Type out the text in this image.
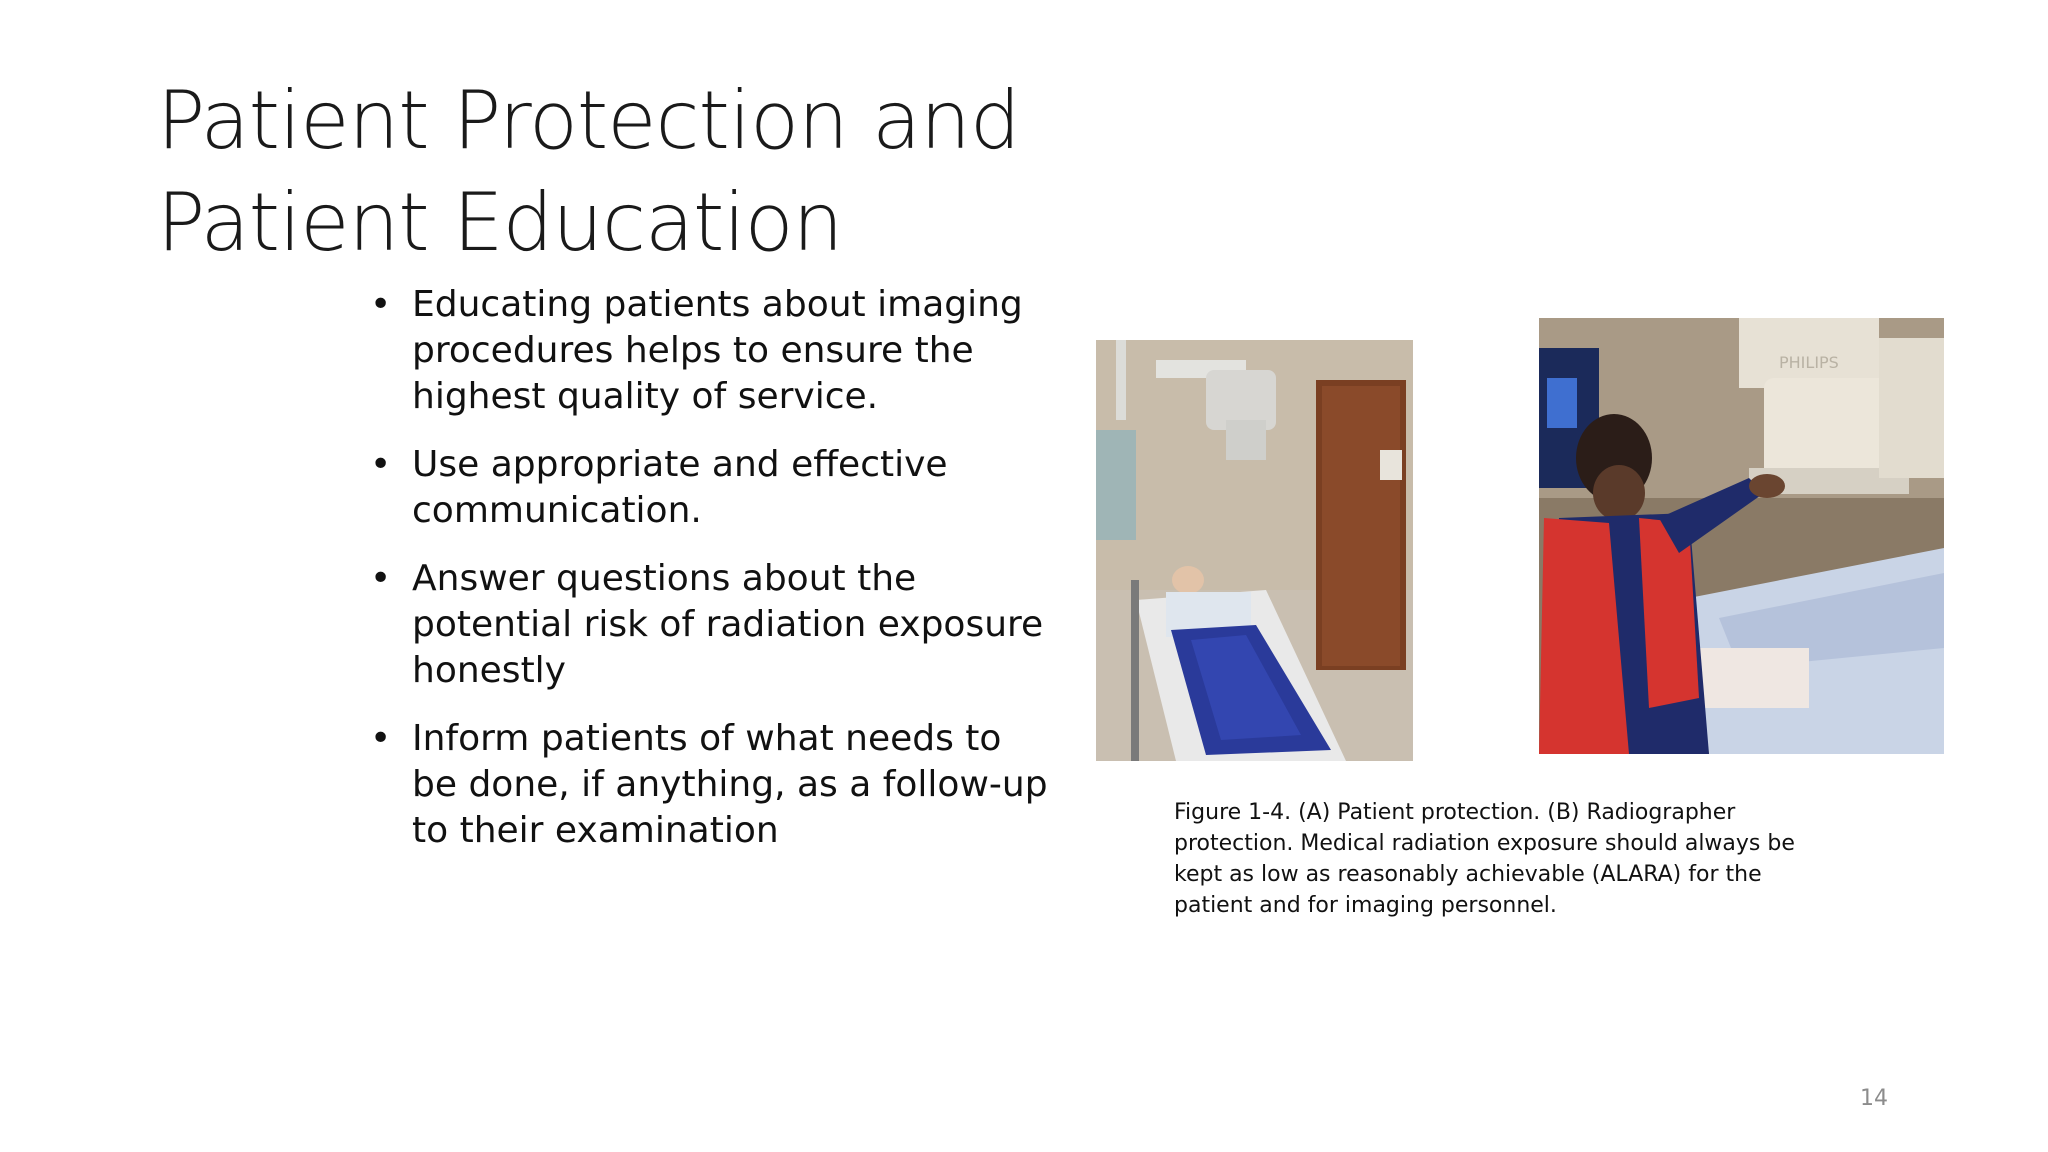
Patient Protection and
Patient Education
• Educating patients about imaging procedures helps to ensure the highest quality of service.
• Use appropriate and effective communication.
• Answer questions about the potential risk of radiation exposure honestly
• Inform patients of what needs to be done, if anything, as a follow-up to their examination
PHILIPS
Figure 1-4. (A) Patient protection. (B) Radiographer protection. Medical radiation exposure should always be kept as low as reasonably achievable (ALARA) for the patient and for imaging personnel.
14
